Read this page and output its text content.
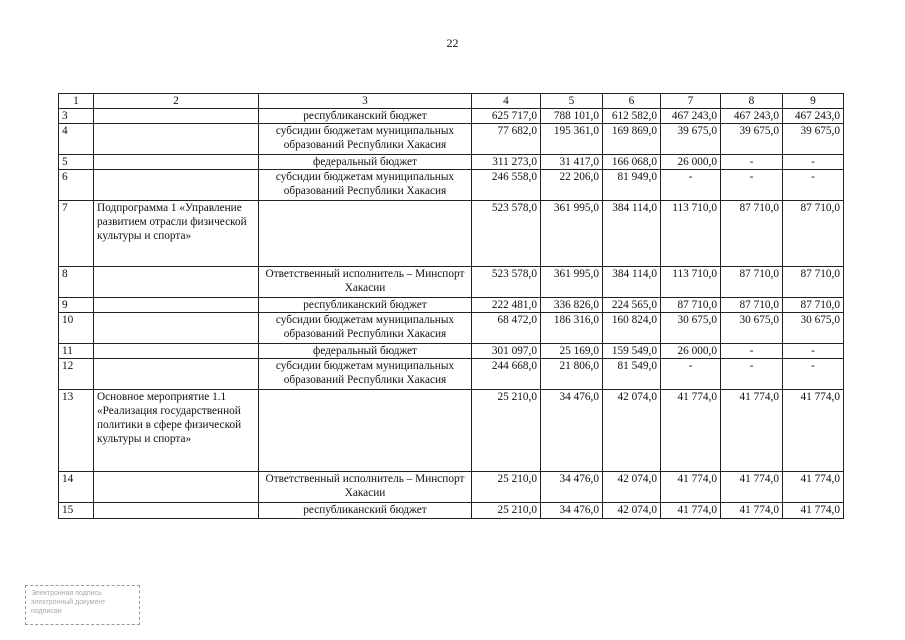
22
1	2	3	4	5	6	7	8	9
3		республиканский бюджет	625 717,0	788 101,0	612 582,0	467 243,0	467 243,0	467 243,0
4		субсидии бюджетам муниципальных образований Республики Хакасия	77 682,0	195 361,0	169 869,0	39 675,0	39 675,0	39 675,0
5		федеральный бюджет	311 273,0	31 417,0	166 068,0	26 000,0	-	-
6		субсидии бюджетам муниципальных образований Республики Хакасия	246 558,0	22 206,0	81 949,0	-	-	-
7	Подпрограмма 1 «Управление развитием отрасли физической культуры и спорта»		523 578,0	361 995,0	384 114,0	113 710,0	87 710,0	87 710,0
8		Ответственный исполнитель – Минспорт Хакасии	523 578,0	361 995,0	384 114,0	113 710,0	87 710,0	87 710,0
9		республиканский бюджет	222 481,0	336 826,0	224 565,0	87 710,0	87 710,0	87 710,0
10		субсидии бюджетам муниципальных образований Республики Хакасия	68 472,0	186 316,0	160 824,0	30 675,0	30 675,0	30 675,0
11		федеральный бюджет	301 097,0	25 169,0	159 549,0	26 000,0	-	-
12		субсидии бюджетам муниципальных образований Республики Хакасия	244 668,0	21 806,0	81 549,0	-	-	-
13	Основное мероприятие 1.1 «Реализация государственной политики в сфере физической культуры и спорта»		25 210,0	34 476,0	42 074,0	41 774,0	41 774,0	41 774,0
14		Ответственный исполнитель – Минспорт Хакасии	25 210,0	34 476,0	42 074,0	41 774,0	41 774,0	41 774,0
15		республиканский бюджет	25 210,0	34 476,0	42 074,0	41 774,0	41 774,0	41 774,0
Электронная подпись
электронный документ
подписан
